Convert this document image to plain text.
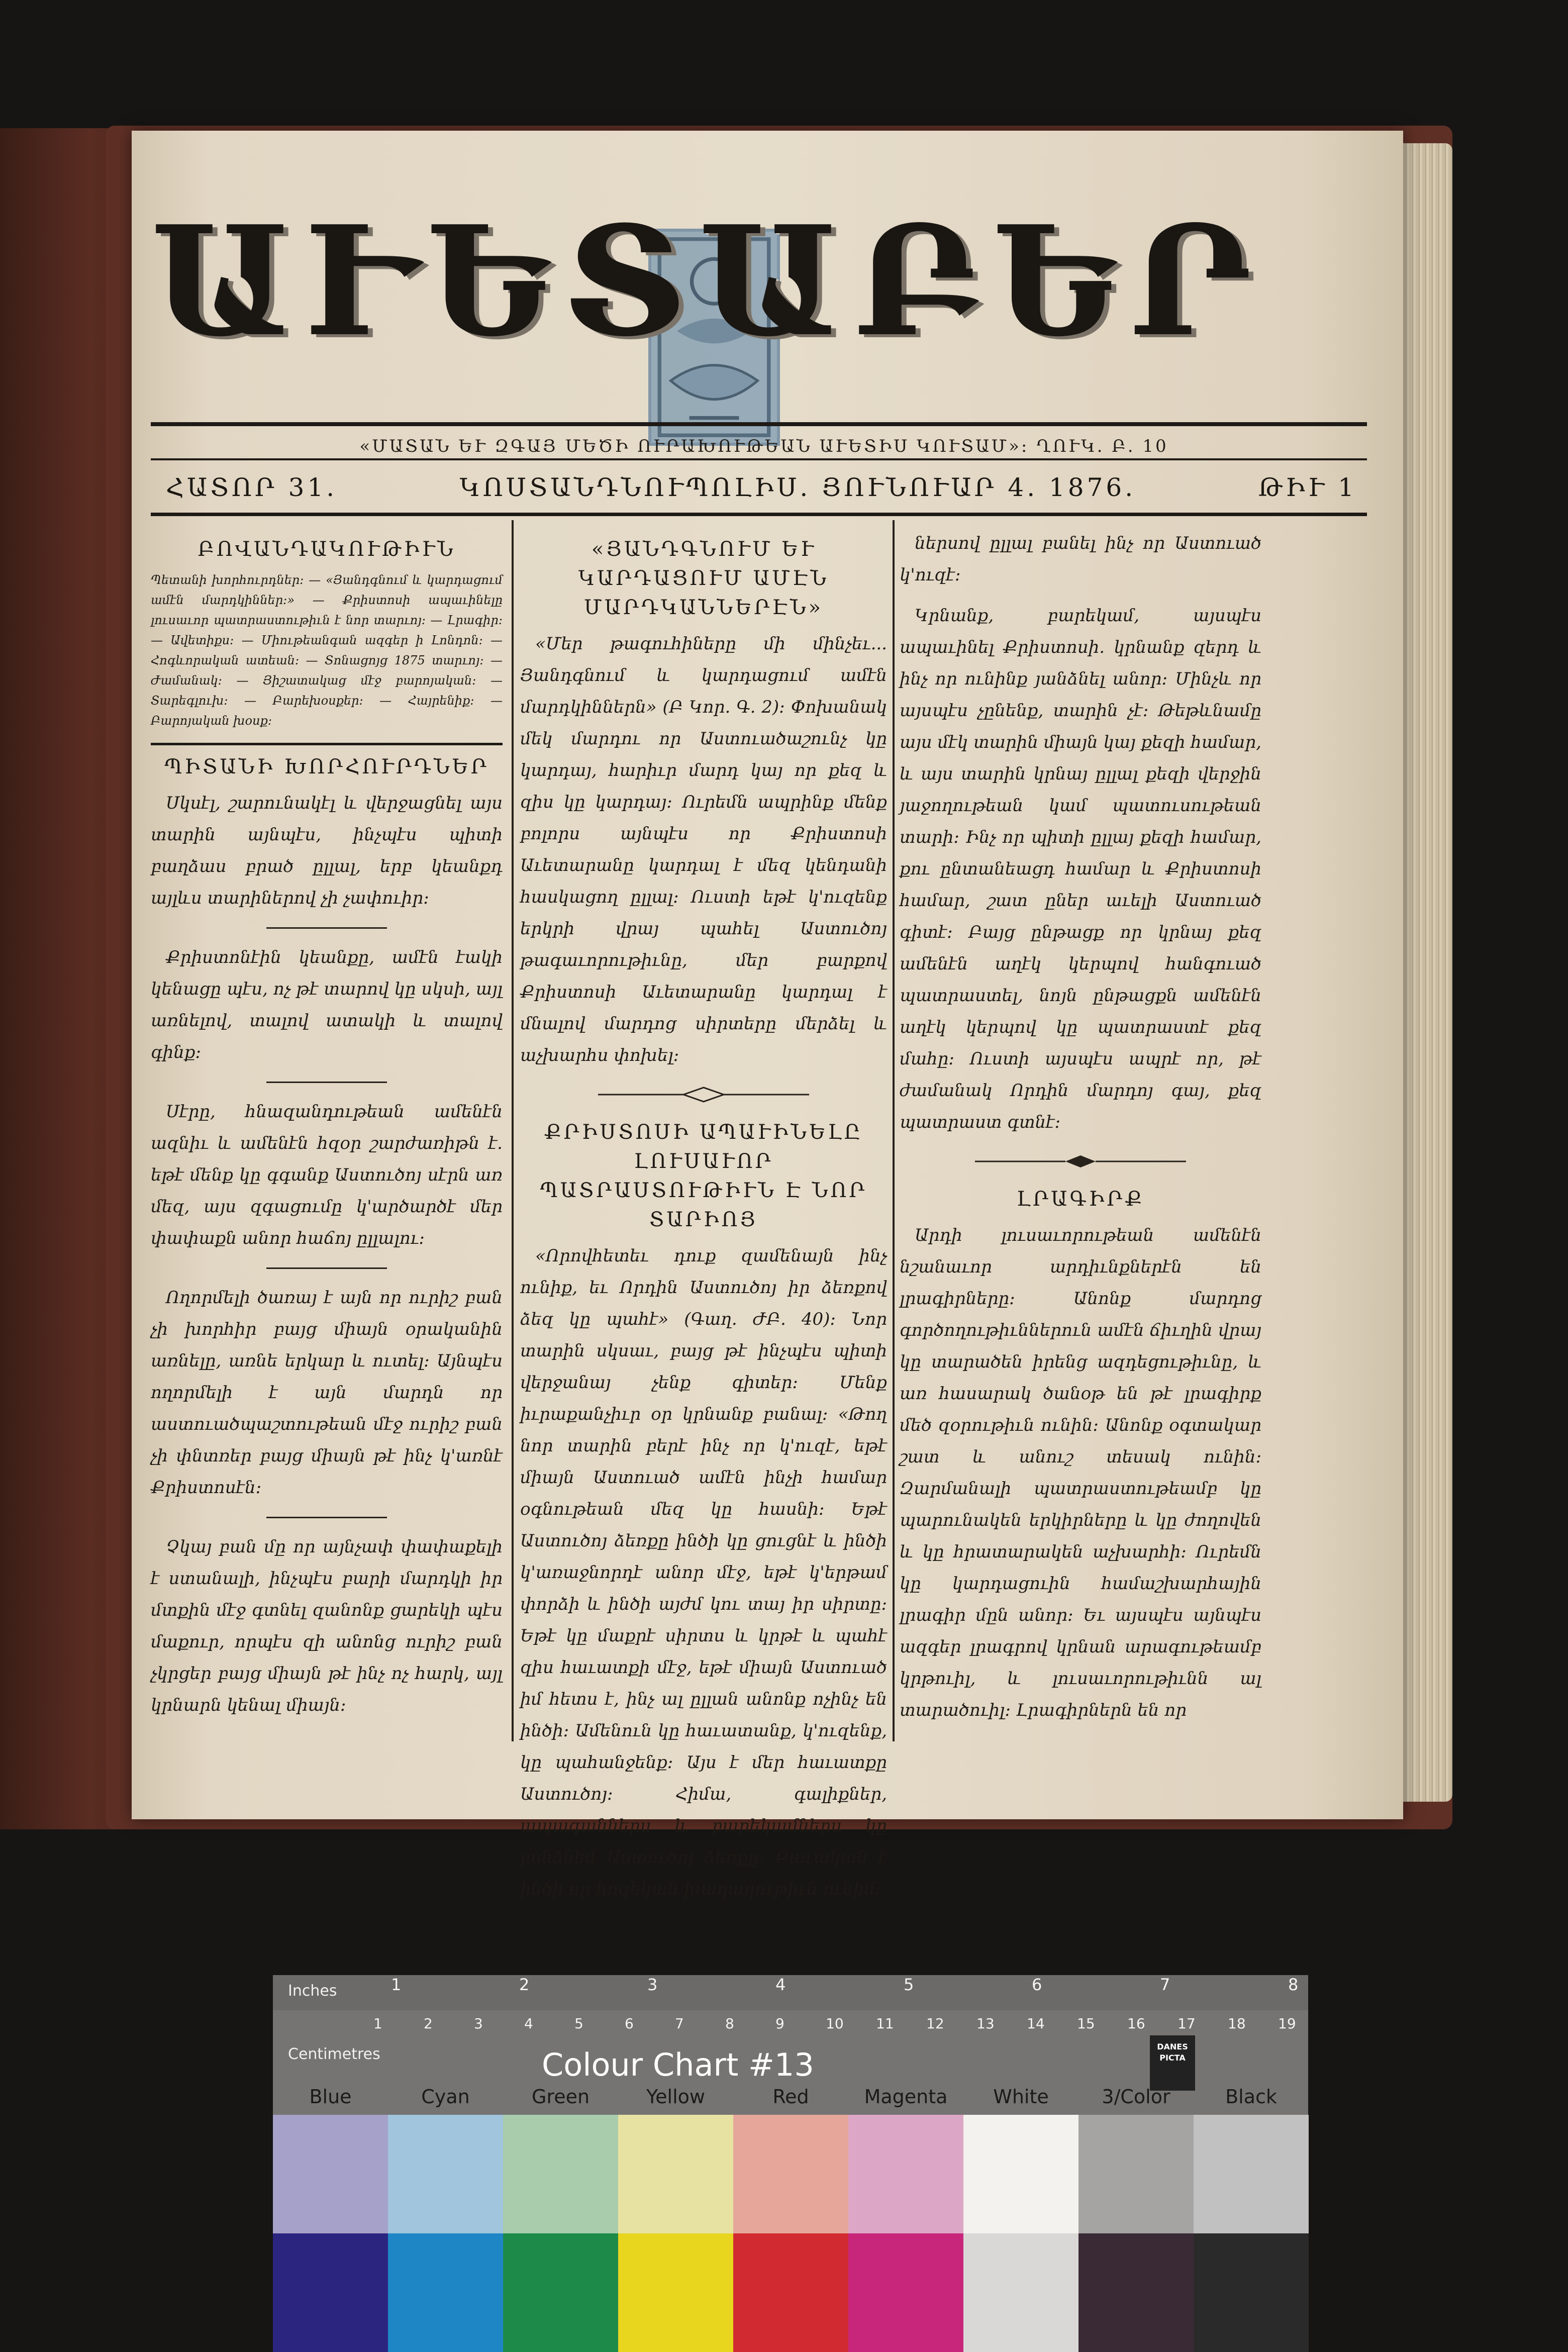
Ա Ւ Ե Տ Ա Բ Ե Ր
«ՄԱՏԱՆ ԵՒ ԶԳԱՅ ՄԵԾԻ ՈՒՐԱԽՈՒԹԵԱՆ ԱՒԵՏԻՍ ԿՈՒՏԱՄ»։ ՂՈՒԿ. Բ. 10
ՀԱՏՈՐ 31.	ԿՈՍՏԱՆԴՆՈՒՊՈԼԻՍ. ՅՈՒՆՈՒԱՐ 4. 1876.	ԹԻՒ 1
ԲՈՎԱՆԴԱԿՈՒԹԻՒՆ
Պետանի խորհուրդներ։ — «Յանդգնում և կարդացում ամէն մարդկիններ։» — Քրիստոսի ապաւինելը լուսաւոր պատրաստութիւն է նոր տարւոյ։ — Լրագիր։ — Ավետիքս։ — Միութեանգան ազգեր ի Լոնդոն։ — Հոգևորական ատեան։ — Տոնացոյց 1875 տարւոյ։ — Ժամանակ։ — Յիշատակաց մէջ բարոյական։ — Տարեգլուխ։ — Բարեխօսքեր։ — Հայրենիք։ — Բարոյական խօսք։
ՊԻՏԱՆԻ ԽՈՐՀՈՒՐԴՆԵՐ

Սկսէլ, շարունակէլ և վերջացնել այս տարին այնպէս, ինչպէս պիտի բաղձաս բրած ըլլալ, երբ կեանքդ այլևս տարիներով չի չափուիր։

Քրիստոնէին կեանքը, ամէն էակի կենացը պէս, ոչ թէ տարով կը սկսի, այլ առնելով, տալով ատակի և տալով գինք։

Սէրը, հնազանդութեան ամենէն ազնիւ և ամենէն հզօր շարժառիթն է. եթէ մենք կը գգանք Աստուծոյ սէրն առ մեզ, այս զգացումը կ'արծարծէ մեր փափաքն անոր հաճոյ ըլլալու։

Ողորմելի ծառայ է այն որ ուրիշ բան չի խորհիր բայց միայն օրականին առնելը, առնե երկար և ուտել։ Այնպէս ողորմելի է այն մարդն որ աստուածպաշտութեան մէջ ուրիշ բան չի փնտռեր բայց միայն թէ ինչ կ'առնէ Քրիստոսէն։

Չկայ բան մը որ այնչափ փափաքելի է ստանալի, ինչպէս բարի մարդկի իր մտքին մէջ գտնել զանոնք ցարեկի պէս մաքուր, որպէս զի անոնց ուրիշ բան չկրցեր բայց միայն թէ ինչ ոչ հարկ, այլ կրնարն կենալ միայն։

«ՅԱՆԴԳՆՈՒՄ ԵՒ ԿԱՐԴԱՑՈՒՄ ԱՄԷՆ ՄԱՐԴԿԱՆՆԵՐԷՆ»

«Մեր թագուհիները մի մինչեւ... Յանդգնում և կարդացում ամէն մարդկիններն» (Բ Կոր. Գ. 2)։ Փոխանակ մեկ մարդու որ Աստուածաշունչ կը կարդայ, հարիւր մարդ կայ որ քեզ և զիս կը կարդայ։ Ուրեմն ապրինք մենք բոլորս այնպէս որ Քրիստոսի Աւետարանը կարդալ է մեզ կենդանի հասկացող ըլլալ։ Ուստի եթէ կ'ուզենք երկրի վրայ պահել Աստուծոյ թագաւորութիւնը, մեր բարքով Քրիստոսի Աւետարանը կարդալ է մնալով մարդոց սիրտերը մերձել և աչխարհս փոխել։

ՔՐԻՍՏՈՍԻ ԱՊԱՒԻՆԵԼԸ ԼՈՒՍԱՒՈՐ ՊԱՏՐԱՍՏՈՒԹԻՒՆ Է ՆՈՐ ՏԱՐԻՈՅ

«Որովհետեւ դուք զամենայն ինչ ունիք, եւ Որդին Աստուծոյ իր ձեռքով ձեզ կը պահէ» (Գաղ. ԺԲ. 40)։ Նոր տարին սկսաւ, բայց թէ ինչպէս պիտի վերջանայ չենք գիտեր։ Մենք իւրաքանչիւր օր կրնանք բանալ։ «Թող նոր տարին բերէ ինչ որ կ'ուզէ, եթէ միայն Աստուած ամէն ինչի համար օգնութեան մեզ կը հասնի։ Եթէ Աստուծոյ ձեռքը ինծի կը ցուցնէ և ինծի կ'առաջնորդէ անոր մէջ, եթէ կ'երթամ փորձի և ինծի այժմ կու տայ իր սիրտը։ Եթէ կը մաքրէ սիրտս և կրթէ և պահէ զիս հաւատքի մէջ, եթէ միայն Աստուած իմ հետս է, ինչ ալ ըլլան անոնք ոչինչ են ինծի։ Ամենուն կը հաւատանք, կ'ուզենք, կը պահանջենք։ Այս է մեր հաւատքը Աստուծոյ։ Հիմա, գալիքներ, ապագաններս և բարեկամներս կը յանձնեմ Աստուծոյ ձեռքը։ Բաւական է ինծի որ հոգեկան խաղաղութիւն ունիմ։

ներսով ըլլալ բանել ինչ որ Աստուած կ'ուզէ։

Կրնանք, բարեկամ, այսպէս ապաւինել Քրիստոսի. կրնանք զերդ և ինչ որ ունինք յանձնել անոր։ Մինչև որ այսպէս չընենք, տարին չէ։ Թեթևնամը այս մէկ տարին միայն կայ քեզի համար, և այս տարին կրնայ ըլլալ քեզի վերջին յաջողութեան կամ պատուսութեան տարի։ Ինչ որ պիտի ըլլայ քեզի համար, քու ընտանեացդ համար և Քրիստոսի համար, շատ ըներ աւելի Աստուած գիտէ։ Բայց ընթացք որ կրնայ քեզ ամենէն աղէկ կերպով հանգուած պատրաստել, նոյն ընթացքն ամենէն աղէկ կերպով կը պատրաստէ քեզ մահը։ Ուստի այսպէս ապրէ որ, թէ ժամանակ Որդին մարդոյ գայ, քեզ պատրաստ գտնէ։

ԼՐԱԳԻՐՔ

Արդի լուսաւորութեան ամենէն նշանաւոր արդիւնքներէն են լրագիրները։ Անոնք մարդոց գործողութիւններուն ամէն ճիւղին վրայ կը տարածեն իրենց ազդեցութիւնը, և առ հասարակ ծանօթ են թէ լրագիրք մեծ զօրութիւն ունին։ Անոնք օգտակար շատ և անուշ տեսակ ունին։ Զարմանալի պատրաստութեամբ կը պարունակեն երկիրները և կը ժողովեն և կը հրատարակեն աչխարհի։ Ուրեմն կը կարդացուին համաշխարհային լրագիր մըն անոր։ Եւ այսպէս այնպէս ազգեր լրագրով կրնան արագութեամբ կրթուիլ, և լուսաւորութիւնն ալ տարածուիլ։ Լրագիրներն են որ

Inches
Centimetres
1	2	3	4	5	6	7	8
1	2	3	4	5	6	7	8	9	10 11 12 13 14 15 16 17 18 19
Colour Chart #13	DANES PICTA
Blue	Cyan	Green	Yellow	Red	Magenta	White	3/Color	Black
